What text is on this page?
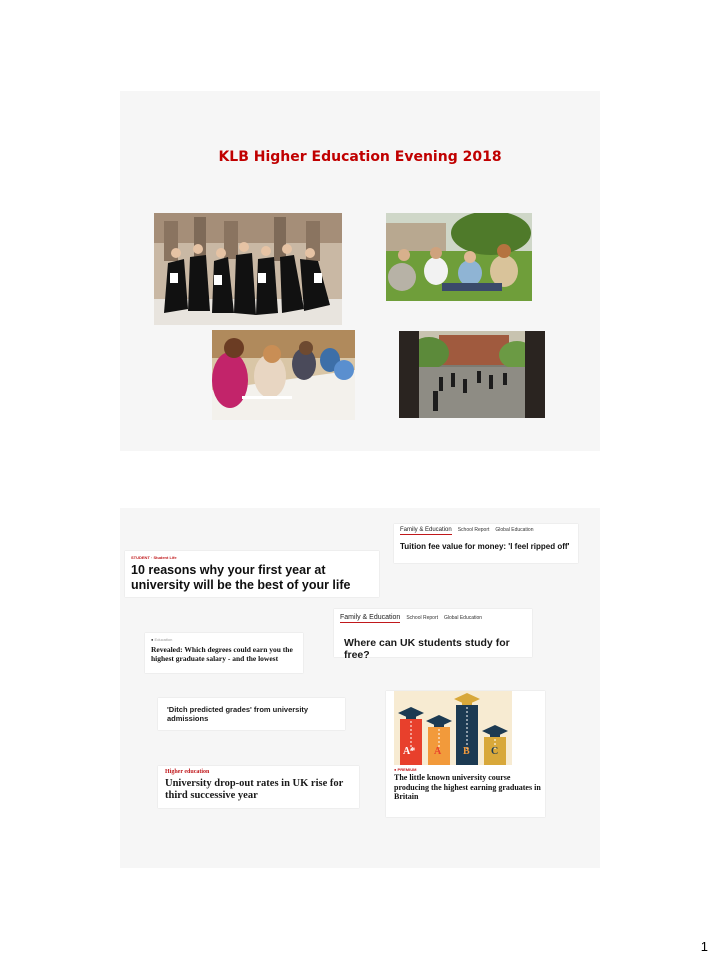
KLB Higher Education Evening 2018
Family & Education School Report Global Education
Tuition fee value for money: 'I feel ripped off'
STUDENT · Student Life
10 reasons why your first year at university will be the best of your life
Family & Education School Report Global Education
Where can UK students study for free?
● Education
Revealed: Which degrees could earn you the highest graduate salary - and the lowest
'Ditch predicted grades' from university admissions
Higher education
University drop-out rates in UK rise for third successive year
A* A B C
● PREMIUM
The little known university course producing the highest earning graduates in Britain
1
